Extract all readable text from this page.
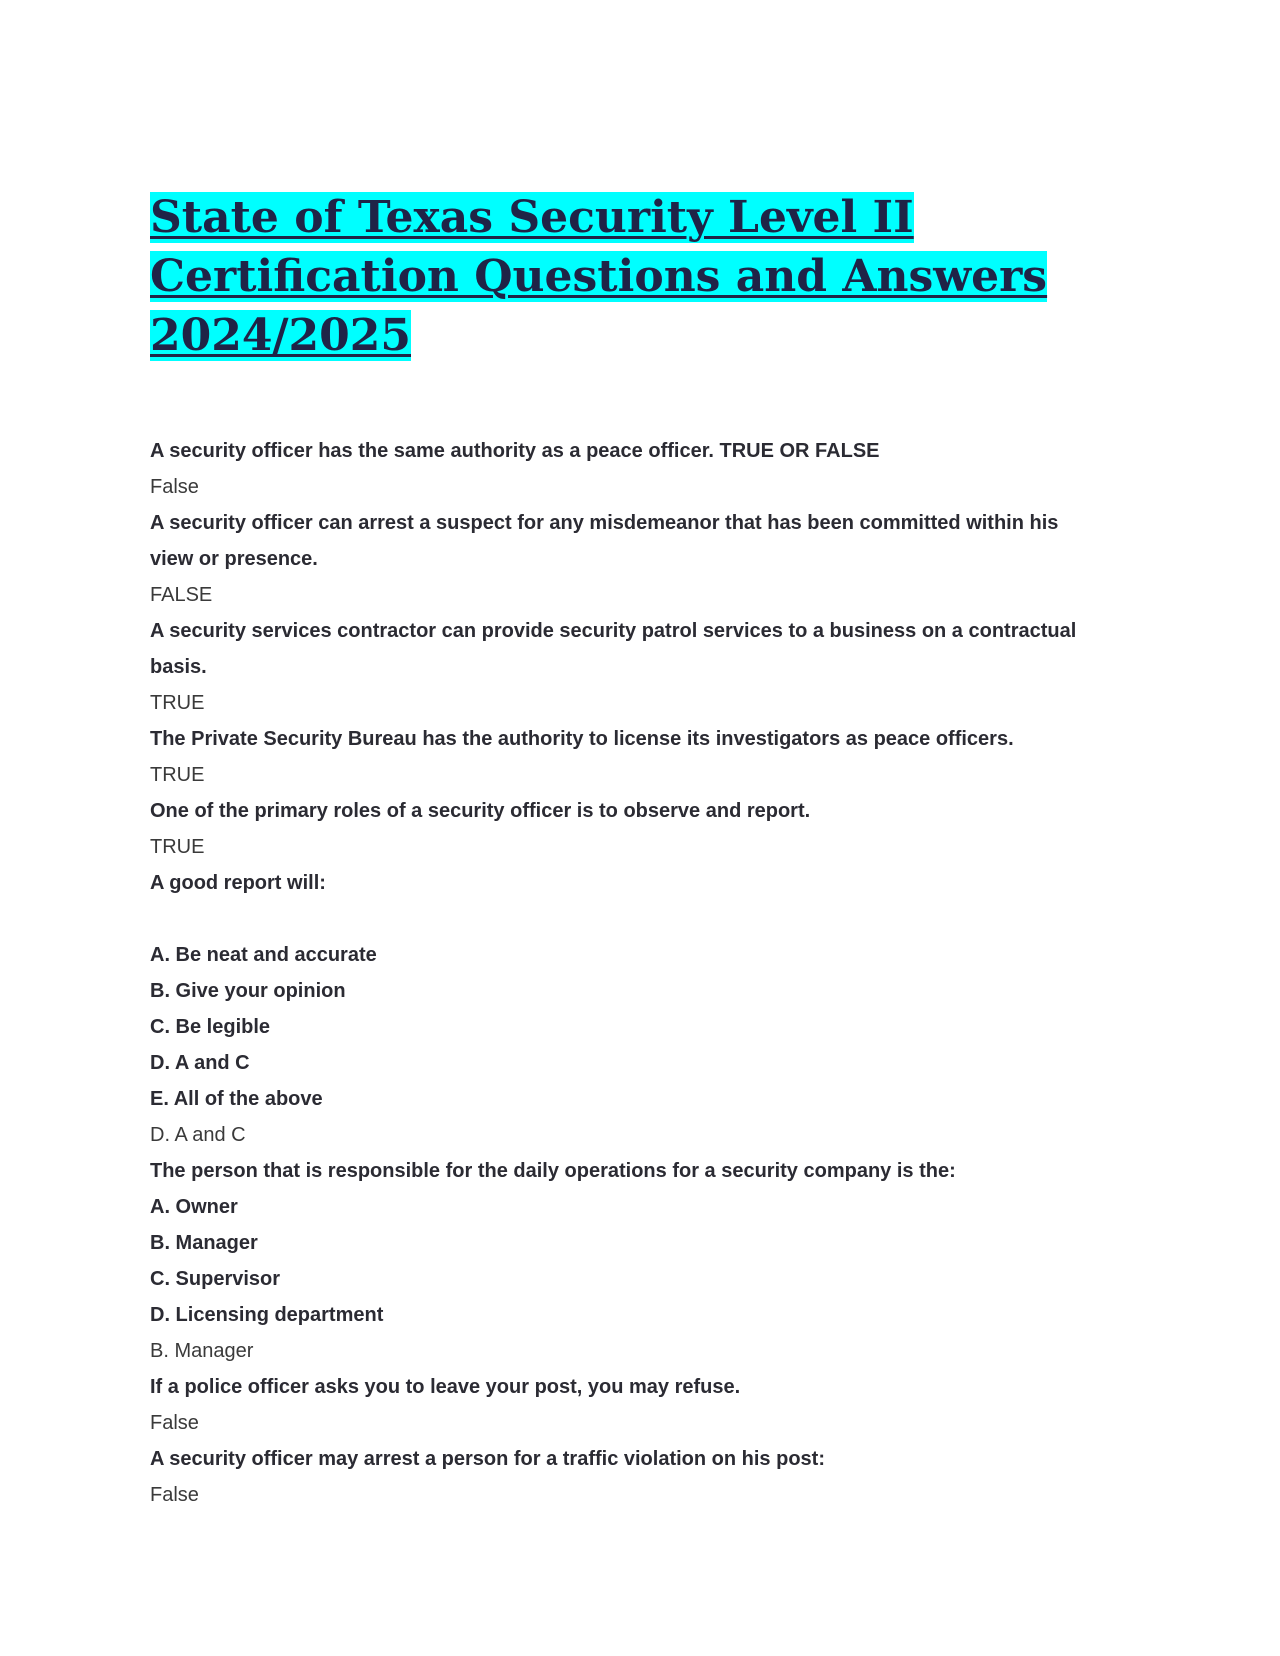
State of Texas Security Level II
Certification Questions and Answers
2024/2025
A security officer has the same authority as a peace officer. TRUE OR FALSE
False
A security officer can arrest a suspect for any misdemeanor that has been committed within his
view or presence.
FALSE
A security services contractor can provide security patrol services to a business on a contractual
basis.
TRUE
The Private Security Bureau has the authority to license its investigators as peace officers.
TRUE
One of the primary roles of a security officer is to observe and report.
TRUE
A good report will:
A. Be neat and accurate
B. Give your opinion
C. Be legible
D. A and C
E. All of the above
D. A and C
The person that is responsible for the daily operations for a security company is the:
A. Owner
B. Manager
C. Supervisor
D. Licensing department
B. Manager
If a police officer asks you to leave your post, you may refuse.
False
A security officer may arrest a person for a traffic violation on his post:
False
